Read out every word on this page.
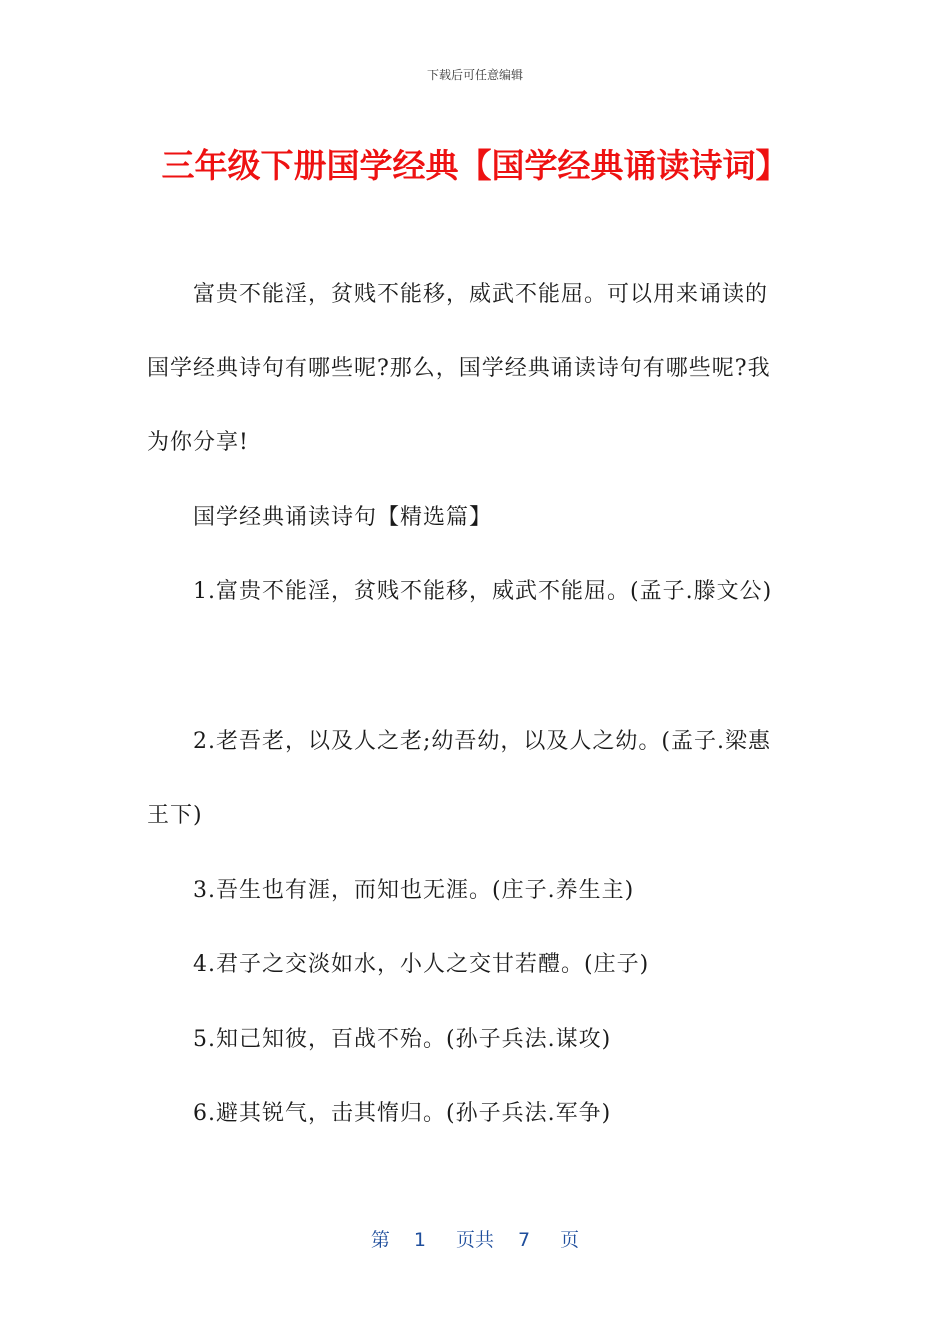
下载后可任意编辑
三年级下册国学经典【国学经典诵读诗词】
富贵不能淫，贫贱不能移，威武不能屈。可以用来诵读的
国学经典诗句有哪些呢?那么，国学经典诵读诗句有哪些呢?我
为你分享!
国学经典诵读诗句【精选篇】
1.富贵不能淫，贫贱不能移，威武不能屈。(孟子.滕文公)
2.老吾老，以及人之老;幼吾幼，以及人之幼。(孟子.梁惠
王下)
3.吾生也有涯，而知也无涯。(庄子.养生主)
4.君子之交淡如水，小人之交甘若醴。(庄子)
5.知己知彼，百战不殆。(孙子兵法.谋攻)
6.避其锐气，击其惰归。(孙子兵法.军争)
第 1 页共 7 页
